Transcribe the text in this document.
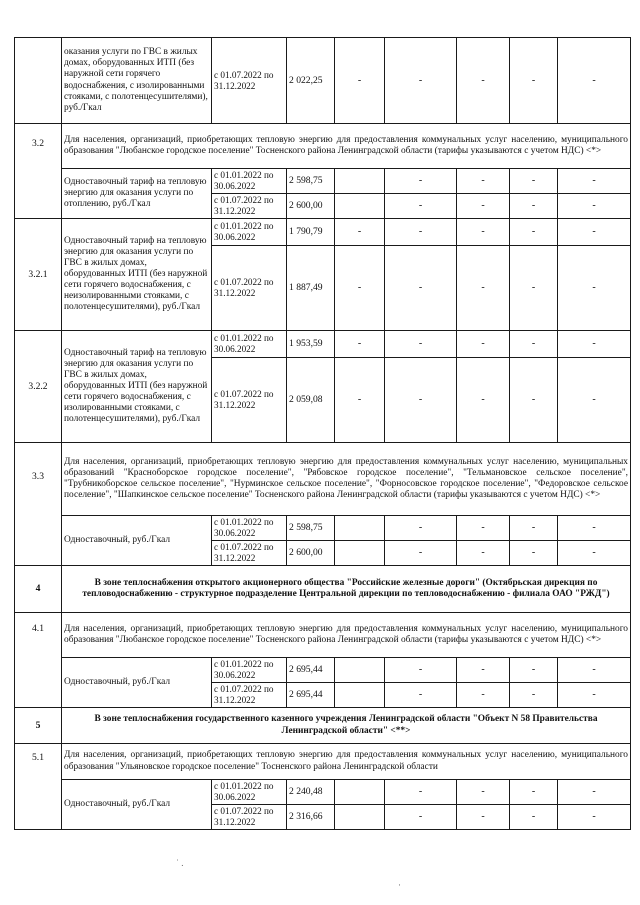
	оказания услуги по ГВС в жилых домах, оборудованных ИТП (без наружной сети горячего водоснабжения, с изолированными стояками, с полотенцесушителями), руб./Гкал	с 01.07.2022 по 31.12.2022	2 022,25	-	-	-	-	-
3.2	Для населения, организаций, приобретающих тепловую энергию для предоставления коммунальных услуг населению, муниципального образования "Любанское городское поселение" Тосненского района Ленинградской области (тарифы указываются с учетом НДС) <*>							
	Одноставочный тариф на тепловую энергию для оказания услуги по отоплению, руб./Гкал	с 01.01.2022 по 30.06.2022	2 598,75		-	-	-	-
		с 01.07.2022 по 31.12.2022	2 600,00		-	-	-	-
3.2.1	Одноставочный тариф на тепловую энергию для оказания услуги по ГВС в жилых домах, оборудованных ИТП (без наружной сети горячего водоснабжения, с неизолированными стояками, с полотенцесушителями), руб./Гкал	с 01.01.2022 по 30.06.2022	1 790,79	-	-	-	-	-
		с 01.07.2022 по 31.12.2022	1 887,49	-	-	-	-	-
3.2.2	Одноставочный тариф на тепловую энергию для оказания услуги по ГВС в жилых домах, оборудованных ИТП (без наружной сети горячего водоснабжения, с изолированными стояками, с полотенцесушителями), руб./Гкал	с 01.01.2022 по 30.06.2022	1 953,59	-	-	-	-	-
		с 01.07.2022 по 31.12.2022	2 059,08	-	-	-	-	-
3.3	Для населения, организаций, приобретающих тепловую энергию для предоставления коммунальных услуг населению, муниципальных образований "Красноборское городское поселение", "Рябовское городское поселение", "Тельмановское сельское поселение", "Трубникоборское сельское поселение", "Нурминское сельское поселение", "Форносовское городское поселение", "Федоровское сельское поселение", "Шапкинское сельское поселение" Тосненского района Ленинградской области (тарифы указываются с учетом НДС) <*>							
	Одноставочный, руб./Гкал	с 01.01.2022 по 30.06.2022	2 598,75		-	-	-	-
		с 01.07.2022 по 31.12.2022	2 600,00		-	-	-	-
4	В зоне теплоснабжения открытого акционерного общества "Российские железные дороги" (Октябрьская дирекция по тепловодоснабжению - структурное подразделение Центральной дирекции по тепловодоснабжению - филиала ОАО "РЖД")							
4.1	Для населения, организаций, приобретающих тепловую энергию для предоставления коммунальных услуг населению, муниципального образования "Любанское городское поселение" Тосненского района Ленинградской области (тарифы указываются с учетом НДС) <*>							
	Одноставочный, руб./Гкал	с 01.01.2022 по 30.06.2022	2 695,44		-	-	-	-
		с 01.07.2022 по 31.12.2022	2 695,44		-	-	-	-
5	В зоне теплоснабжения государственного казенного учреждения Ленинградской области "Объект N 58 Правительства Ленинградской области" <**>							
5.1	Для населения, организаций, приобретающих тепловую энергию для предоставления коммунальных услуг населению, муниципального образования "Ульяновское городское поселение" Тосненского района Ленинградской области							
	Одноставочный, руб./Гкал	с 01.01.2022 по 30.06.2022	2 240,48		-	-	-	-
		с 01.07.2022 по 31.12.2022	2 316,66		-	-	-	-
˙ .
·
